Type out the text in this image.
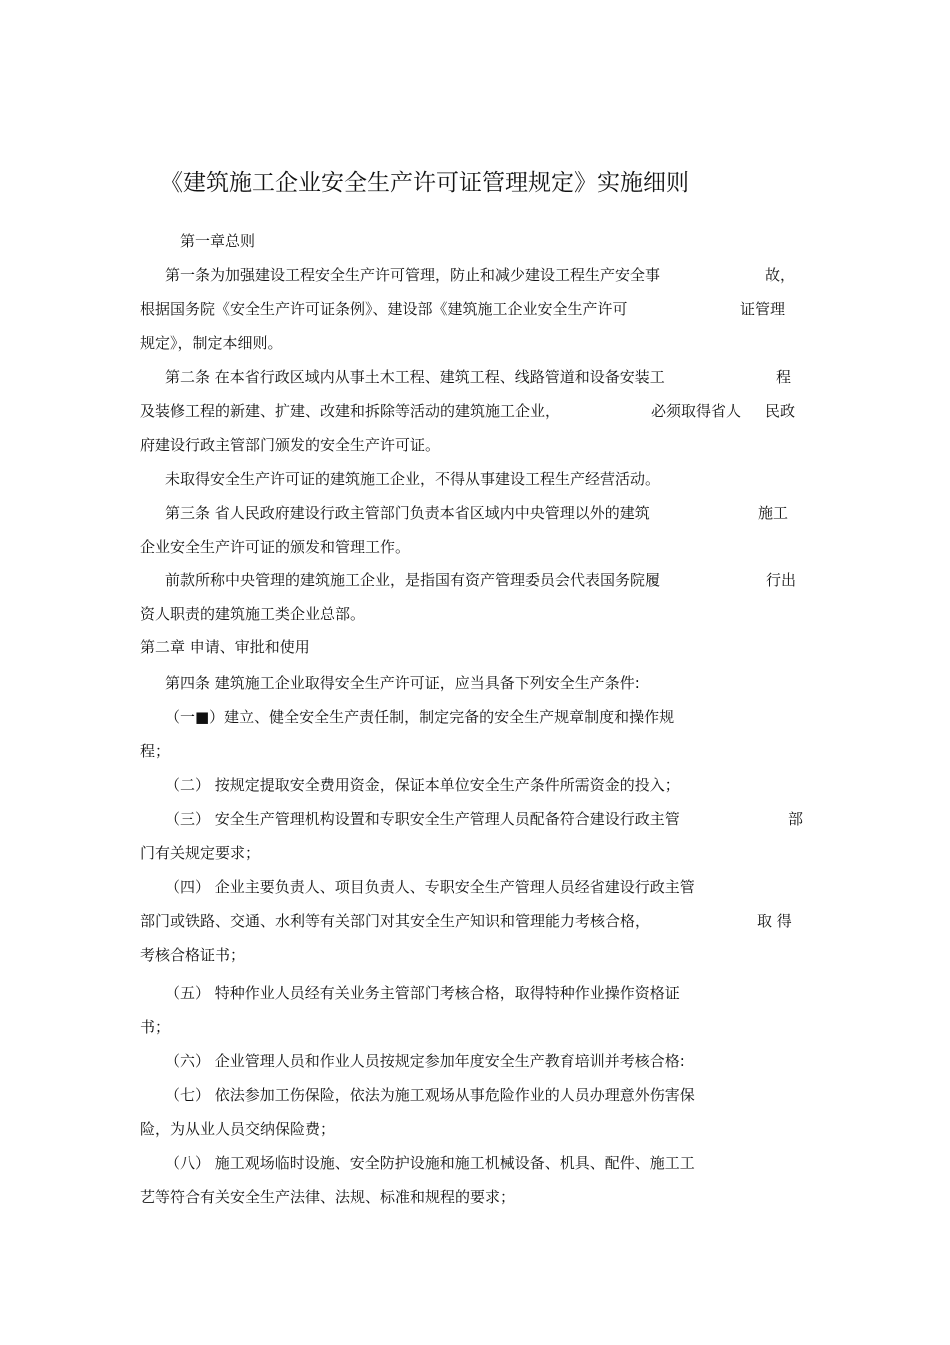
《建筑施工企业安全生产许可证管理规定》实施细则

第一章总则

第一条为加强建设工程安全生产许可管理，防止和减少建设工程生产安全事	故，

根据国务院《安全生产许可证条例》、建设部《建筑施工企业安全生产许可	证管理

规定》，制定本细则。

第二条 在本省行政区域内从事土木工程、建筑工程、线路管道和设备安装工	程

及装修工程的新建、扩建、改建和拆除等活动的建筑施工企业，	必须取得省人 民政

府建设行政主管部门颁发的安全生产许可证。

未取得安全生产许可证的建筑施工企业，不得从事建设工程生产经营活动。

第三条 省人民政府建设行政主管部门负责本省区域内中央管理以外的建筑	施工

企业安全生产许可证的颁发和管理工作。

前款所称中央管理的建筑施工企业，是指国有资产管理委员会代表国务院履	行出

资人职责的建筑施工类企业总部。

第二章 申请、审批和使用

第四条 建筑施工企业取得安全生产许可证，应当具备下列安全生产条件:

（一■）建立、健全安全生产责任制，制定完备的安全生产规章制度和操作规

程；

（二） 按规定提取安全费用资金，保证本单位安全生产条件所需资金的投入；

（三） 安全生产管理机构设置和专职安全生产管理人员配备符合建设行政主管	部

门有关规定要求；

（四） 企业主要负责人、项目负责人、专职安全生产管理人员经省建设行政主管

部门或铁路、交通、水利等有关部门对其安全生产知识和管理能力考核合格，	取 得

考核合格证书；

（五） 特种作业人员经有关业务主管部门考核合格，取得特种作业操作资格证

书；

（六） 企业管理人员和作业人员按规定参加年度安全生产教育培训并考核合格:

（七） 依法参加工伤保险，依法为施工观场从事危险作业的人员办理意外伤害保

险，为从业人员交纳保险费；

（八） 施工观场临时设施、安全防护设施和施工机械设备、机具、配件、施工工

艺等符合有关安全生产法律、法规、标准和规程的要求；
